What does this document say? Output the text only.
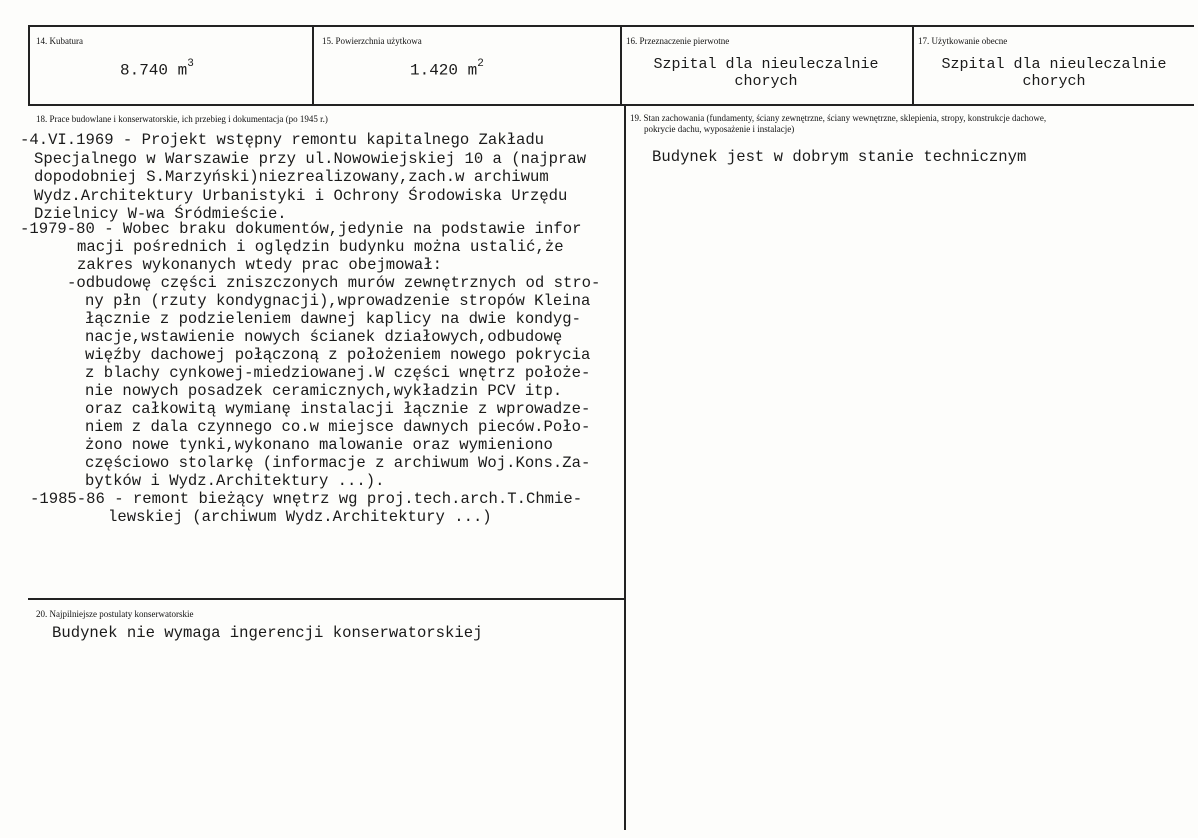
14. Kubatura
8.740 $m^3$
15. Powierzchnia użytkowa
1.420 $m^2$
16. Przeznaczenie pierwotne
Szpital dla nieuleczalnie
chorych
17. Użytkowanie obecne
Szpital dla nieuleczalnie
chorych
18. Prace budowlane i konserwatorskie, ich przebieg i dokumentacja (po 1945 r.)
-4.VI.1969 - Projekt wstępny remontu kapitalnego Zakładu
Specjalnego w Warszawie przy ul.Nowowiejskiej 10 a (najpraw
dopodobniej S.Marzyński)niezrealizowany,zach.w archiwum
Wydz.Architektury Urbanistyki i Ochrony Środowiska Urzędu
Dzielnicy W-wa Śródmieście.
-1979-80 - Wobec braku dokumentów,jedynie na podstawie infor
macji pośrednich i oględzin budynku można ustalić,że
zakres wykonanych wtedy prac obejmował:
-odbudowę części zniszczonych murów zewnętrznych od stro-
ny płn (rzuty kondygnacji),wprowadzenie stropów Kleina
łącznie z podzieleniem dawnej kaplicy na dwie kondyg-
nacje,wstawienie nowych ścianek działowych,odbudowę
więźby dachowej połączoną z położeniem nowego pokrycia
z blachy cynkowej-miedziowanej.W części wnętrz położe-
nie nowych posadzek ceramicznych,wykładzin PCV itp.
oraz całkowitą wymianę instalacji łącznie z wprowadze-
niem z dala czynnego co.w miejsce dawnych pieców.Poło-
żono nowe tynki,wykonano malowanie oraz wymieniono
częściowo stolarkę (informacje z archiwum Woj.Kons.Za-
bytków i Wydz.Architektury ...).
-1985-86 - remont bieżący wnętrz wg proj.tech.arch.T.Chmie-
lewskiej (archiwum Wydz.Architektury ...)
19. Stan zachowania (fundamenty, ściany zewnętrzne, ściany wewnętrzne, sklepienia, stropy, konstrukcje dachowe,
pokrycie dachu, wyposażenie i instalacje)
Budynek jest w dobrym stanie technicznym
20. Najpilniejsze postulaty konserwatorskie
Budynek nie wymaga ingerencji konserwatorskiej
